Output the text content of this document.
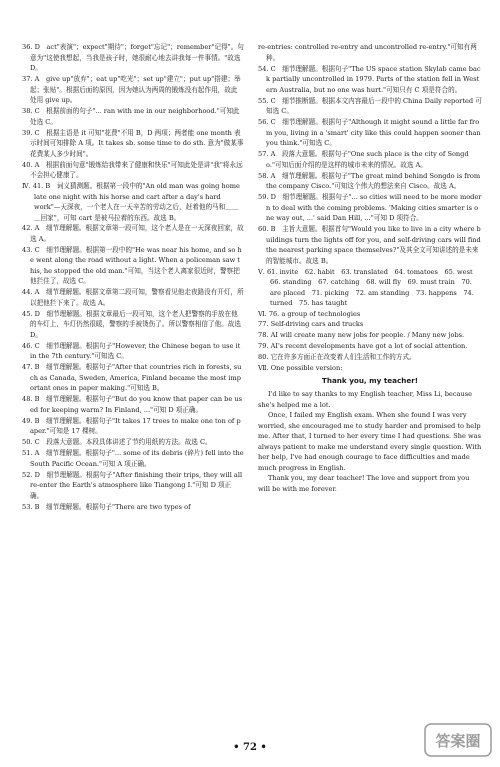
36. D　act"表演"；expect"期待"；forget"忘记"；remember"记得"。句意为"这使我想起，当我是孩子时，她很耐心地去讲我每一件事情。"故选 D。

37. A　give up"放弃"；eat up"吃光"；set up"建立"；put up"搭建；举起；张贴"。根据后面的原因，因为她认为两周的锻炼没有起作用，故此处用 give up。

38. C　根据前面的句子"... ran with me in our neighborhood."可知此处选 C。

39. C　根据主语是 it 可知"花费"不用 B，D 两项；两者能 one month 表示时间可知排除 A 项。It takes sb. some time to do sth. 意为"做某事花费某人多少时间"。

40. A　根据前面句意"锻炼给我带来了健康和快乐"可知此处是讲"我"将永远不会担心健康了。

Ⅳ. 41. B　词义猜测题。根据第一段中的"An old man was going home late one night with his horse and cart after a day's hard work"—天深夜，一个老人在一天辛苦的劳动之后，赶着他的马和＿＿＿回家"，可知 cart 是被马拉着的东西。故选 B。

42. A　细节理解题。根据文章第一段可知，这个老人是在一天深夜回家，故选 A。

43. C　细节理解题。根据第一段中的"He was near his home, and so he went along the road without a light. When a policeman saw this, he stopped the old man."可知，当这个老人离家很近时，警察把他拦住了，故选 C。

44. A　细节理解题。根据文章第二段可知，警察看见他走夜路没有开灯，所以把他拦下来了。故选 A。

45. D　细节理解题。根据文章最后一段可知，这个老人把警察的手放在他的车灯上，车灯仍然很暖，警察的手被烫伤了。所以警察相信了他。故选 D。

46. C　细节理解题。根据句子"However, the Chinese began to use it in the 7th century."可知选 C。

47. B　细节理解题。根据句子"After that countries rich in forests, such as Canada, Sweden, America, Finland became the most important ones in paper making."可知选 B。

48. B　细节理解题。根据句子"But do you know that paper can be used for keeping warm? In Finland, ..."可知 D 项正确。

49. B　细节理解题。根据句子"It takes 17 trees to make one ton of paper."可知是 17 棵树。

50. C　段落大意题。本段具体讲述了节约用纸的方法。故选 C。

51. A　细节理解题。根据句子"... some of its debris (碎片) fell into the South Pacific Ocean."可知 A 项正确。

52. D　细节理解题。根据句子"After finishing their trips, they will all re-enter the Earth's atmosphere like Tiangong Ⅰ."可知 D 项正确。

53. B　细节理解题。根据句子"There are two types of

re-entries: controlled re-entry and uncontrolled re-entry."可知有两种。

54. C　细节理解题。根据句子"The US space station Skylab came back partially uncontrolled in 1979. Parts of the station fell in Western Australia, but no one was hurt."可知只有 C 项是符合的。

55. C　细节推断题。根据本文内容最后一段中的 China Daily reported 可知选 C。

56. C　细节理解题。根据句子"Although it might sound a little far from you, living in a 'smart' city like this could happen sooner than you think."可知选 C。

57. A　段落大意题。根据句子"One such place is the city of Songdo."可知后面介绍的是这样的城市未来的情况。故选 A。

58. A　细节理解题。根据句子"The great mind behind Songdo is from the company Cisco."可知这个伟大的想法来自 Cisco。故选 A。

59. D　细节理解题。根据句子"... so cities will need to be more modern to deal with the coming problems. 'Making cities smarter is one way out, ...' said Dan Hill, ..."可知 D 项符合。

60. B　主旨大意题。根据首句"Would you like to live in a city where buildings turn the lights off for you, and self-driving cars will find the nearest parking space themselves?"及其全文可知讲述的是未来的智能城市。故选 B。

Ⅴ. 61. invite　62. habit　63. translated　64. tomatoes　65. west　66. standing　67. catching　68. will fly　69. must train　70. are placed　71. picking　72. am standing　73. happens　74. turned　75. has taught

Ⅵ. 76. a group of technologies

77. Self-driving cars and trucks

78. AI will create many new jobs for people. / Many new jobs.

79. AI's recent developments have got a lot of social attention.

80. 它在许多方面正在改变着人们生活和工作的方式。

Ⅶ. One possible version:

Thank you, my teacher!

I'd like to say thanks to my English teacher, Miss Li, because she's helped me a lot.

Once, I failed my English exam. When she found I was very worried, she encouraged me to study harder and promised to help me. After that, I turned to her every time I had questions. She was always patient to make me understand every single question. With her help, I've had enough courage to face difficulties and made much progress in English.

Thank you, my dear teacher! The love and support from you will be with me forever.

• 72 •	答案圈
